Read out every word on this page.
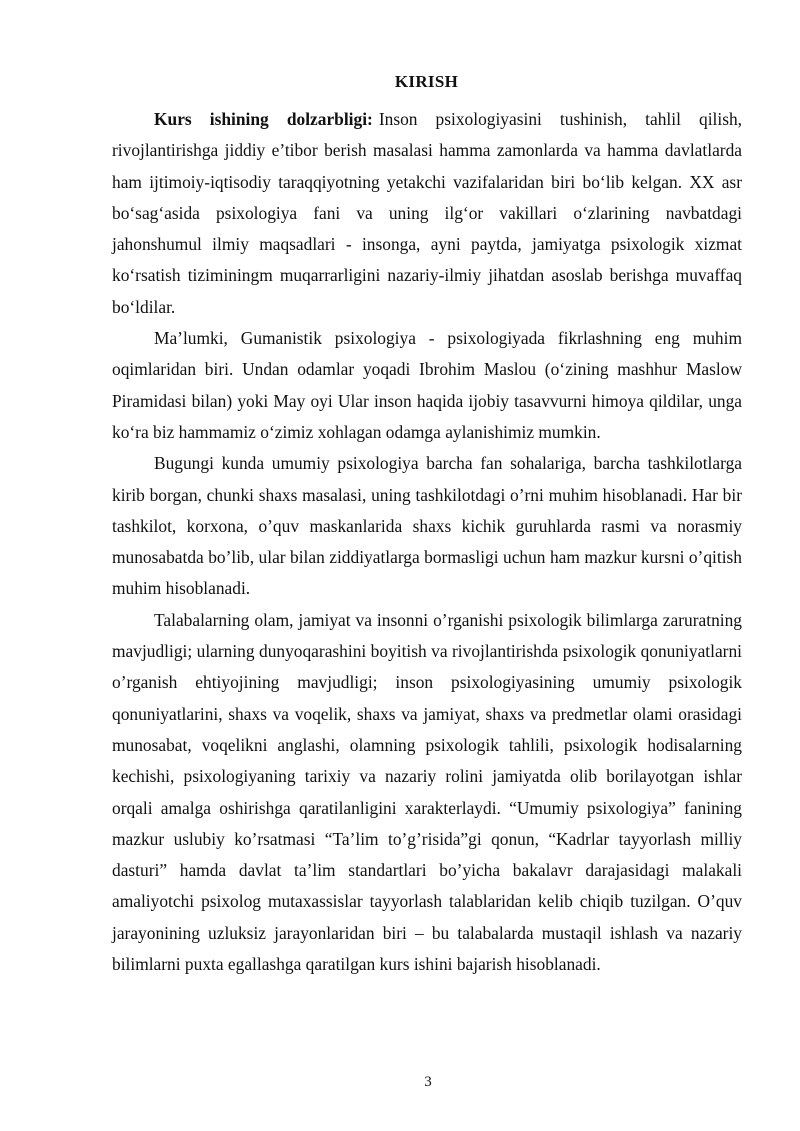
KIRISH

Kurs ishining dolzarbligi: Inson psixologiyasini tushinish, tahlil qilish, rivojlantirishga jiddiy e’tibor berish masalasi hamma zamonlarda va hamma davlatlarda ham ijtimoiy-iqtisodiy taraqqiyotning yetakchi vazifalaridan biri bo‘lib kelgan. XX asr bo‘sag‘asida psixologiya fani va uning ilg‘or vakillari o‘zlarining navbatdagi jahonshumul ilmiy maqsadlari - insonga, ayni paytda, jamiyatga psixologik xizmat ko‘rsatish tiziminingm muqarrarligini nazariy-ilmiy jihatdan asoslab berishga muvaffaq bo‘ldilar.

Ma’lumki, Gumanistik psixologiya - psixologiyada fikrlashning eng muhim oqimlaridan biri. Undan odamlar yoqadi Ibrohim Maslou (o‘zining mashhur Maslow Piramidasi bilan) yoki May oyi Ular inson haqida ijobiy tasavvurni himoya qildilar, unga ko‘ra biz hammamiz o‘zimiz xohlagan odamga aylanishimiz mumkin.

Bugungi kunda umumiy psixologiya barcha fan sohalariga, barcha tashkilotlarga kirib borgan, chunki shaxs masalasi, uning tashkilotdagi o’rni muhim hisoblanadi. Har bir tashkilot, korxona, o’quv maskanlarida shaxs kichik guruhlarda rasmi va norasmiy munosabatda bo’lib, ular bilan ziddiyatlarga bormasligi uchun ham mazkur kursni o’qitish muhim hisoblanadi.

Talabalarning olam, jamiyat va insonni o’rganishi psixologik bilimlarga zaruratning mavjudligi; ularning dunyoqarashini boyitish va rivojlantirishda psixologik qonuniyatlarni o’rganish ehtiyojining mavjudligi; inson psixologiyasining umumiy psixologik qonuniyatlarini, shaxs va voqelik, shaxs va jamiyat, shaxs va predmetlar olami orasidagi munosabat, voqelikni anglashi, olamning psixologik tahlili, psixologik hodisalarning kechishi, psixologiyaning tarixiy va nazariy rolini jamiyatda olib borilayotgan ishlar orqali amalga oshirishga qaratilanligini xarakterlaydi. “Umumiy psixologiya” fanining mazkur uslubiy ko’rsatmasi “Ta’lim to’g’risida”gi qonun, “Kadrlar tayyorlash milliy dasturi” hamda davlat ta’lim standartlari bo’yicha bakalavr darajasidagi malakali amaliyotchi psixolog mutaxassislar tayyorlash talablaridan kelib chiqib tuzilgan. O’quv jarayonining uzluksiz jarayonlaridan biri – bu talabalarda mustaqil ishlash va nazariy bilimlarni puxta egallashga qaratilgan kurs ishini bajarish hisoblanadi.

3
